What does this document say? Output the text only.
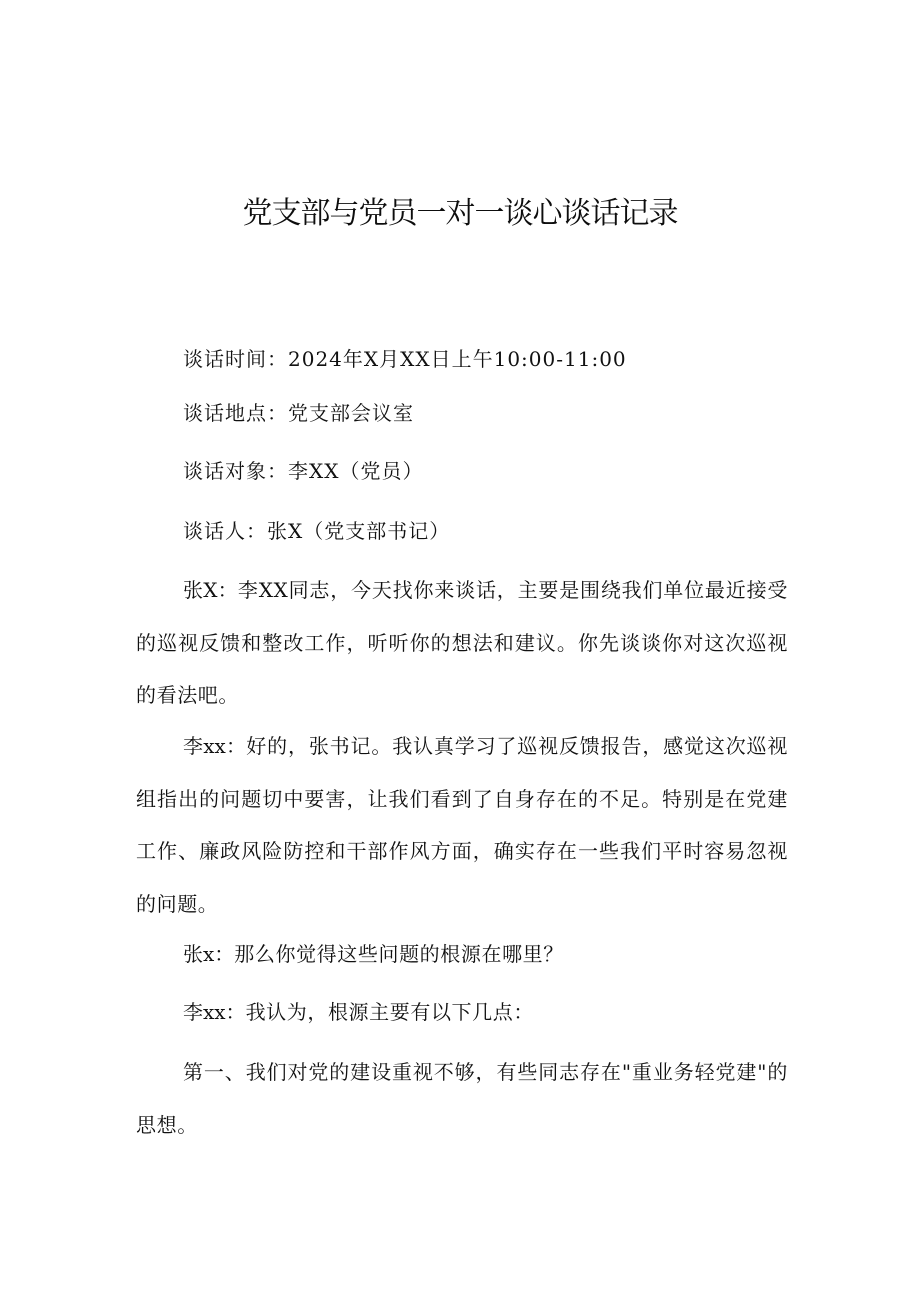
党支部与党员一对一谈心谈话记录
谈话时间：2024年X月XX日上午10:00-11:00
谈话地点：党支部会议室
谈话对象：李XX（党员）
谈话人：张X（党支部书记）

张X：李XX同志，今天找你来谈话，主要是围绕我们单位最近接受的巡视反馈和整改工作，听听你的想法和建议。你先谈谈你对这次巡视的看法吧。

李xx：好的，张书记。我认真学习了巡视反馈报告，感觉这次巡视组指出的问题切中要害，让我们看到了自身存在的不足。特别是在党建工作、廉政风险防控和干部作风方面，确实存在一些我们平时容易忽视的问题。

张x：那么你觉得这些问题的根源在哪里？

李xx：我认为，根源主要有以下几点：

第一、我们对党的建设重视不够，有些同志存在"重业务轻党建"的思想。
